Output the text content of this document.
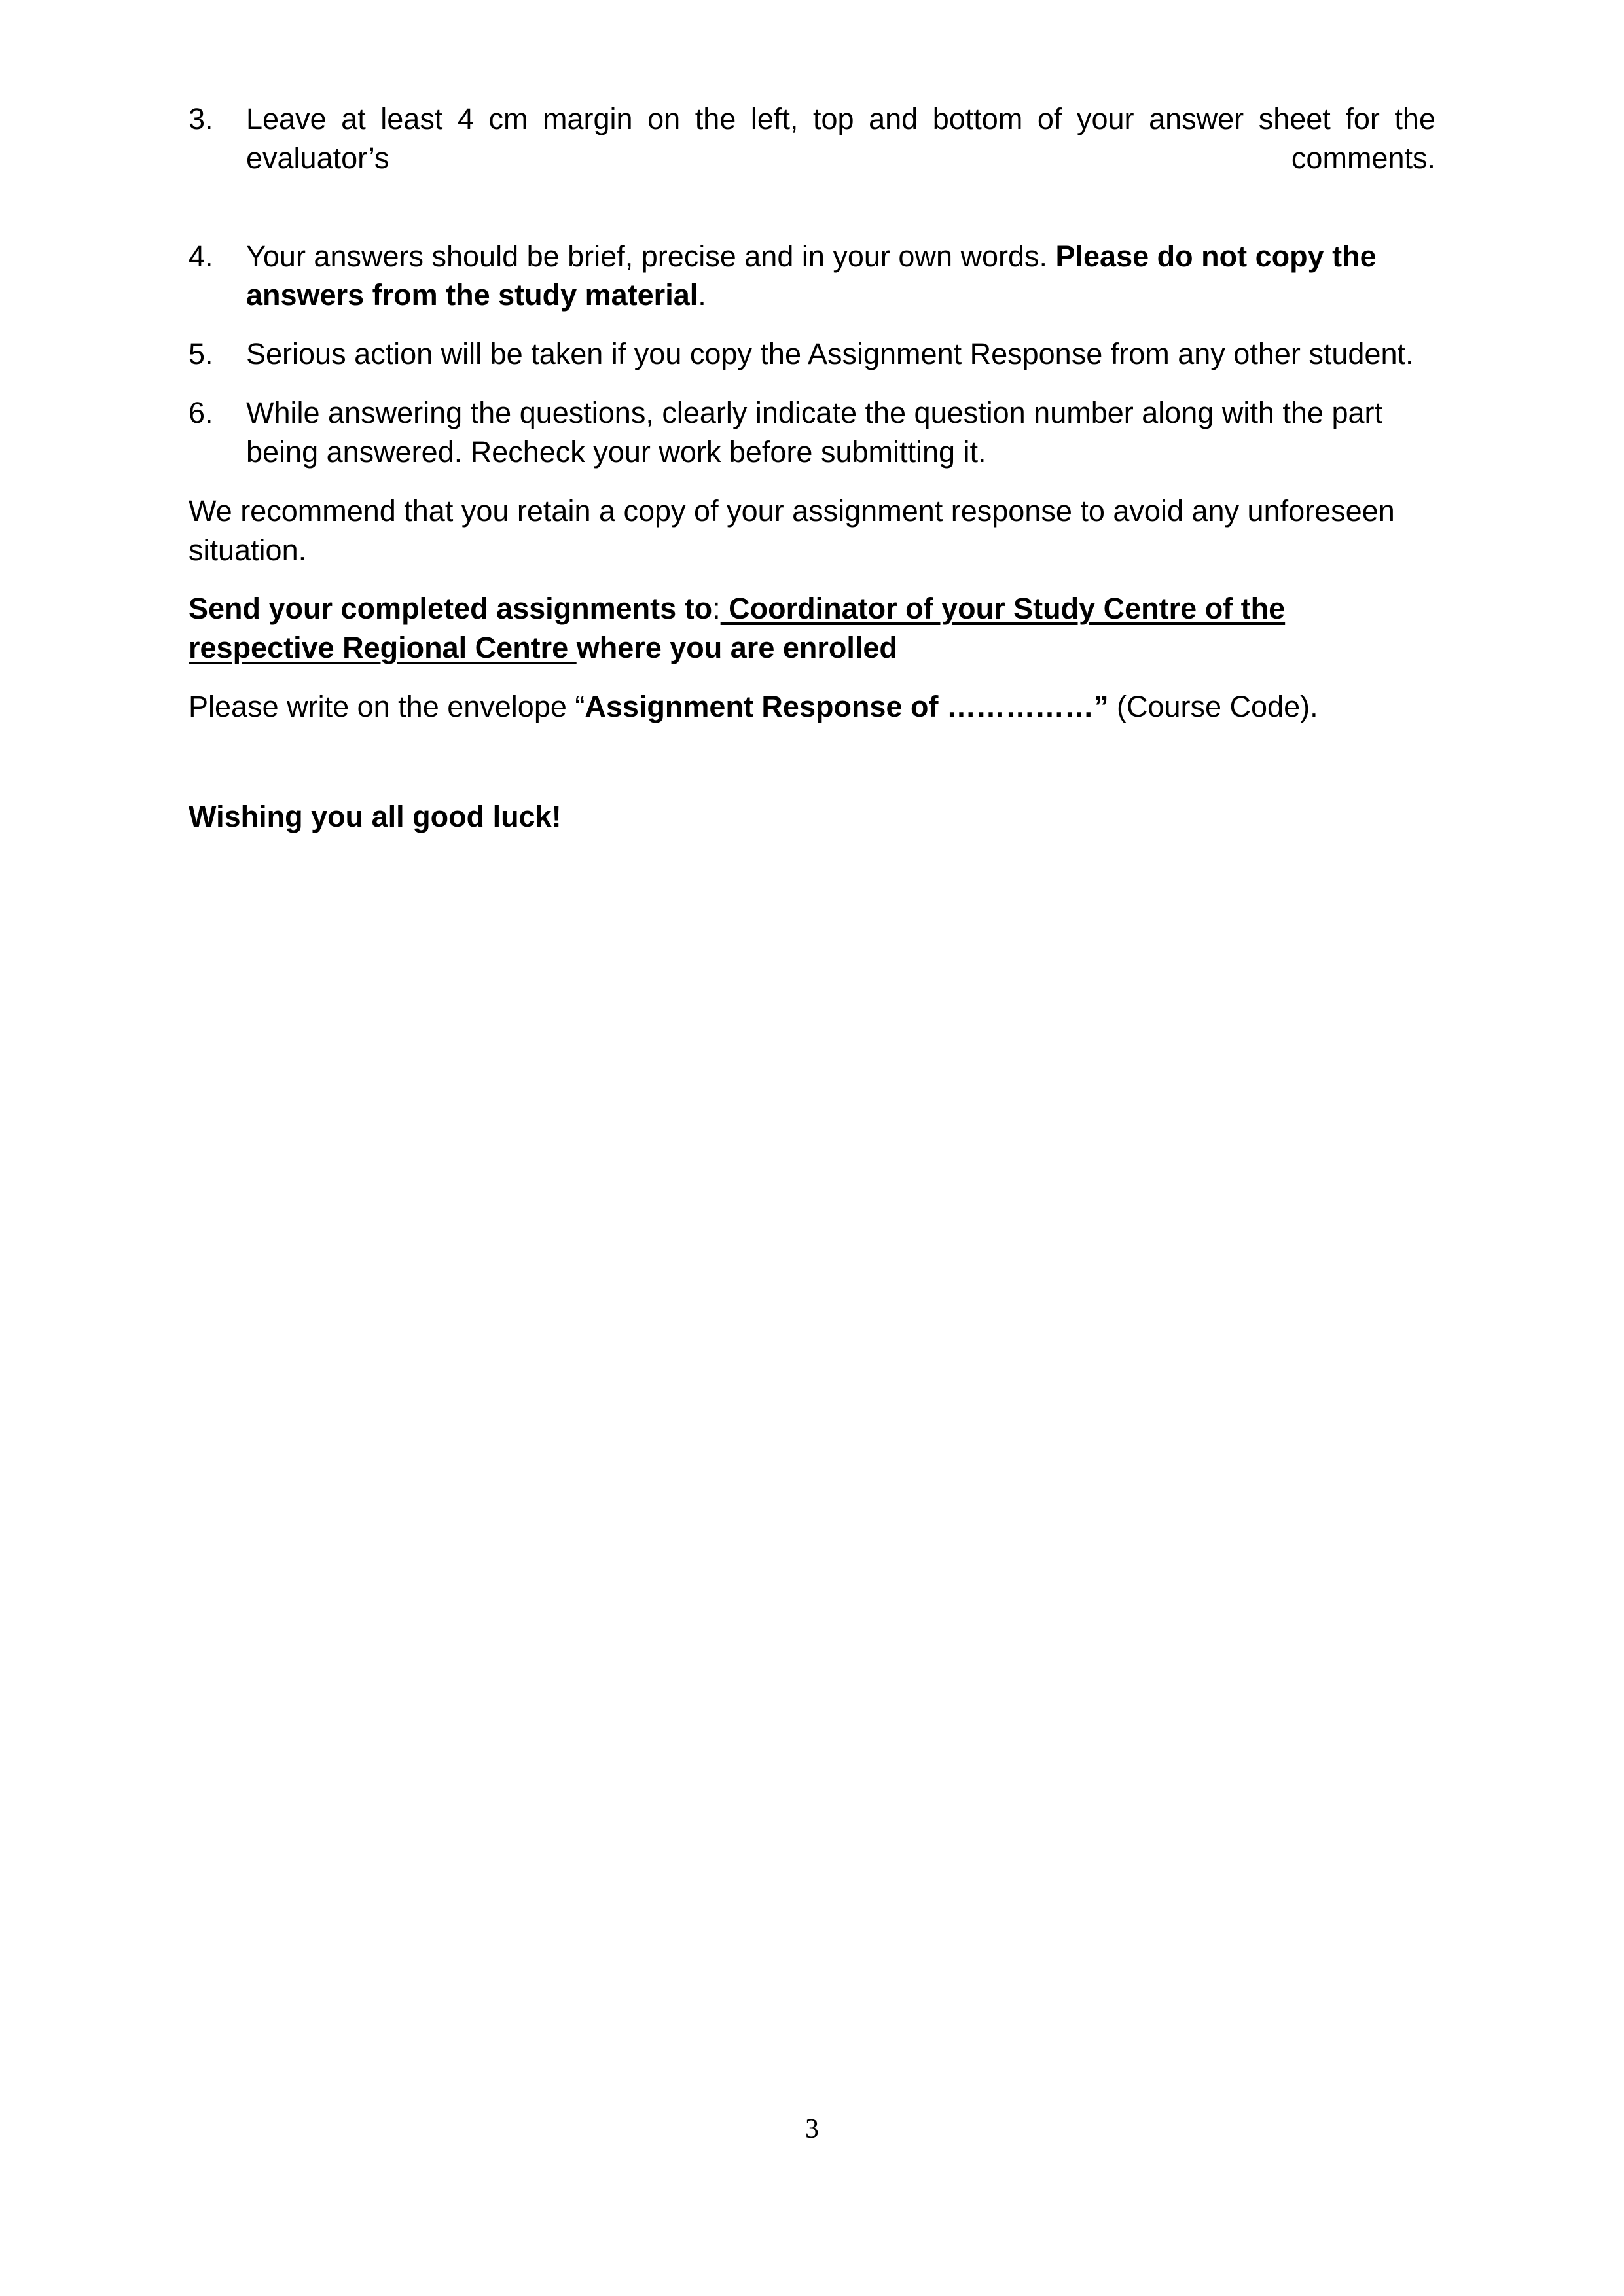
3.	Leave at least 4 cm margin on the left, top and bottom of your answer sheet for the evaluator’s comments.
4.	Your answers should be brief, precise and in your own words. Please do not copy the answers from the study material.
5.	Serious action will be taken if you copy the Assignment Response from any other student.
6.	While answering the questions, clearly indicate the question number along with the part being answered. Recheck your work before submitting it.

We recommend that you retain a copy of your assignment response to avoid any unforeseen situation.

Send your completed assignments to: Coordinator of your Study Centre of the respective Regional Centre where you are enrolled

Please write on the envelope “Assignment Response of ……………” (Course Code).

Wishing you all good luck!

3
